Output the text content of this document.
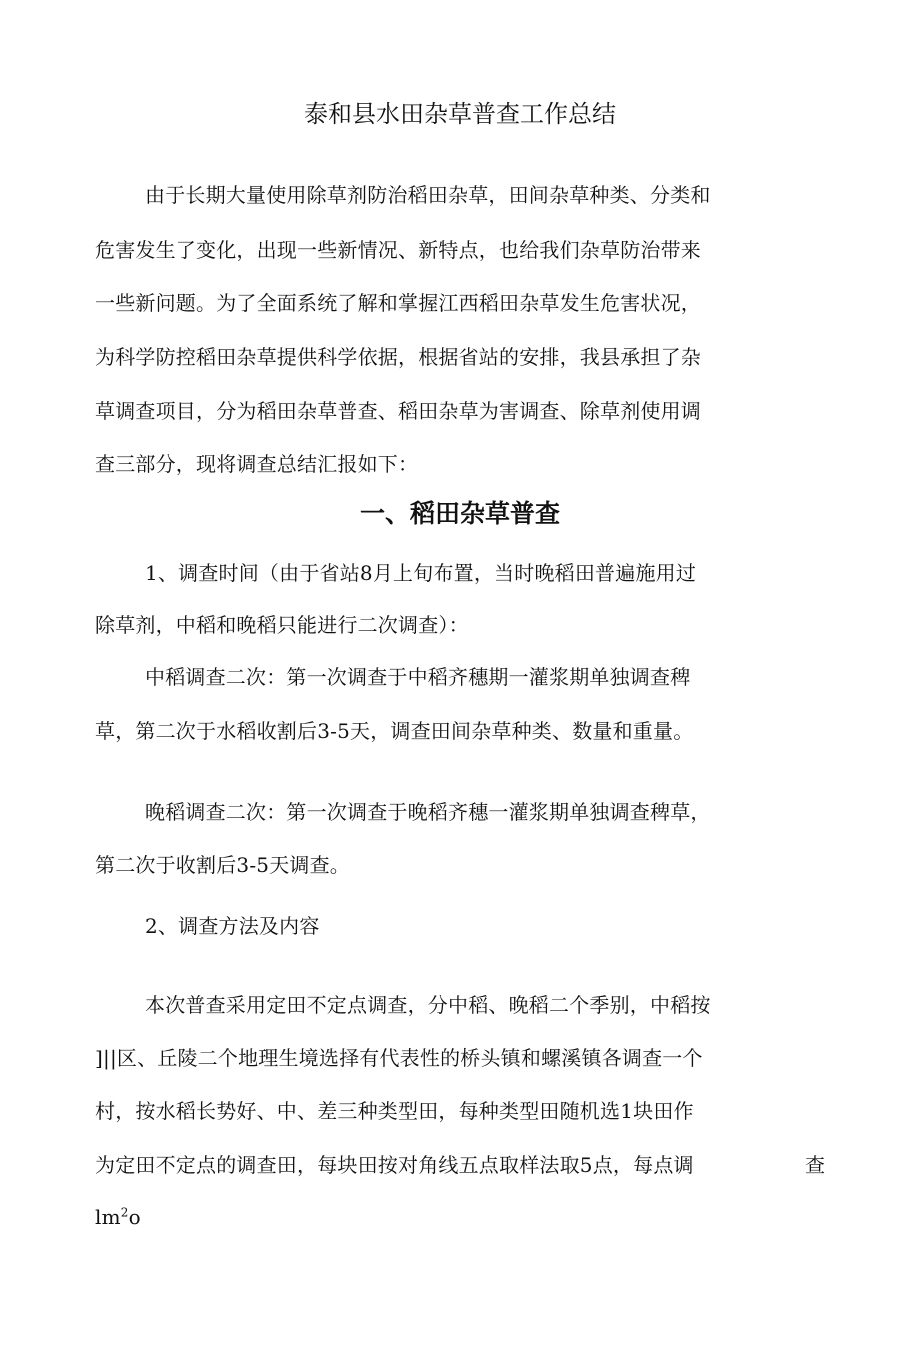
泰和县水田杂草普查工作总结
由于长期大量使用除草剂防治稻田杂草，田间杂草种类、分类和
危害发生了变化，出现一些新情况、新特点，也给我们杂草防治带来
一些新问题。为了全面系统了解和掌握江西稻田杂草发生危害状况，
为科学防控稻田杂草提供科学依据，根据省站的安排，我县承担了杂
草调查项目，分为稻田杂草普查、稻田杂草为害调查、除草剂使用调
查三部分，现将调查总结汇报如下：
一、稻田杂草普查
1、调查时间（由于省站8月上旬布置，当时晚稻田普遍施用过
除草剂，中稻和晚稻只能进行二次调查）：
中稻调查二次：第一次调查于中稻齐穗期一灌浆期单独调查稗
草，第二次于水稻收割后3-5天，调查田间杂草种类、数量和重量。
晚稻调查二次：第一次调查于晚稻齐穗一灌浆期单独调查稗草，
第二次于收割后3-5天调查。
2、调查方法及内容
本次普查采用定田不定点调查，分中稻、晚稻二个季别，中稻按
]||区、丘陵二个地理生境选择有代表性的桥头镇和螺溪镇各调查一个
村，按水稻长势好、中、差三种类型田，每种类型田随机选1块田作
为定田不定点的调查田，每块田按对角线五点取样法取5点，每点调	查
$lm^2o$
